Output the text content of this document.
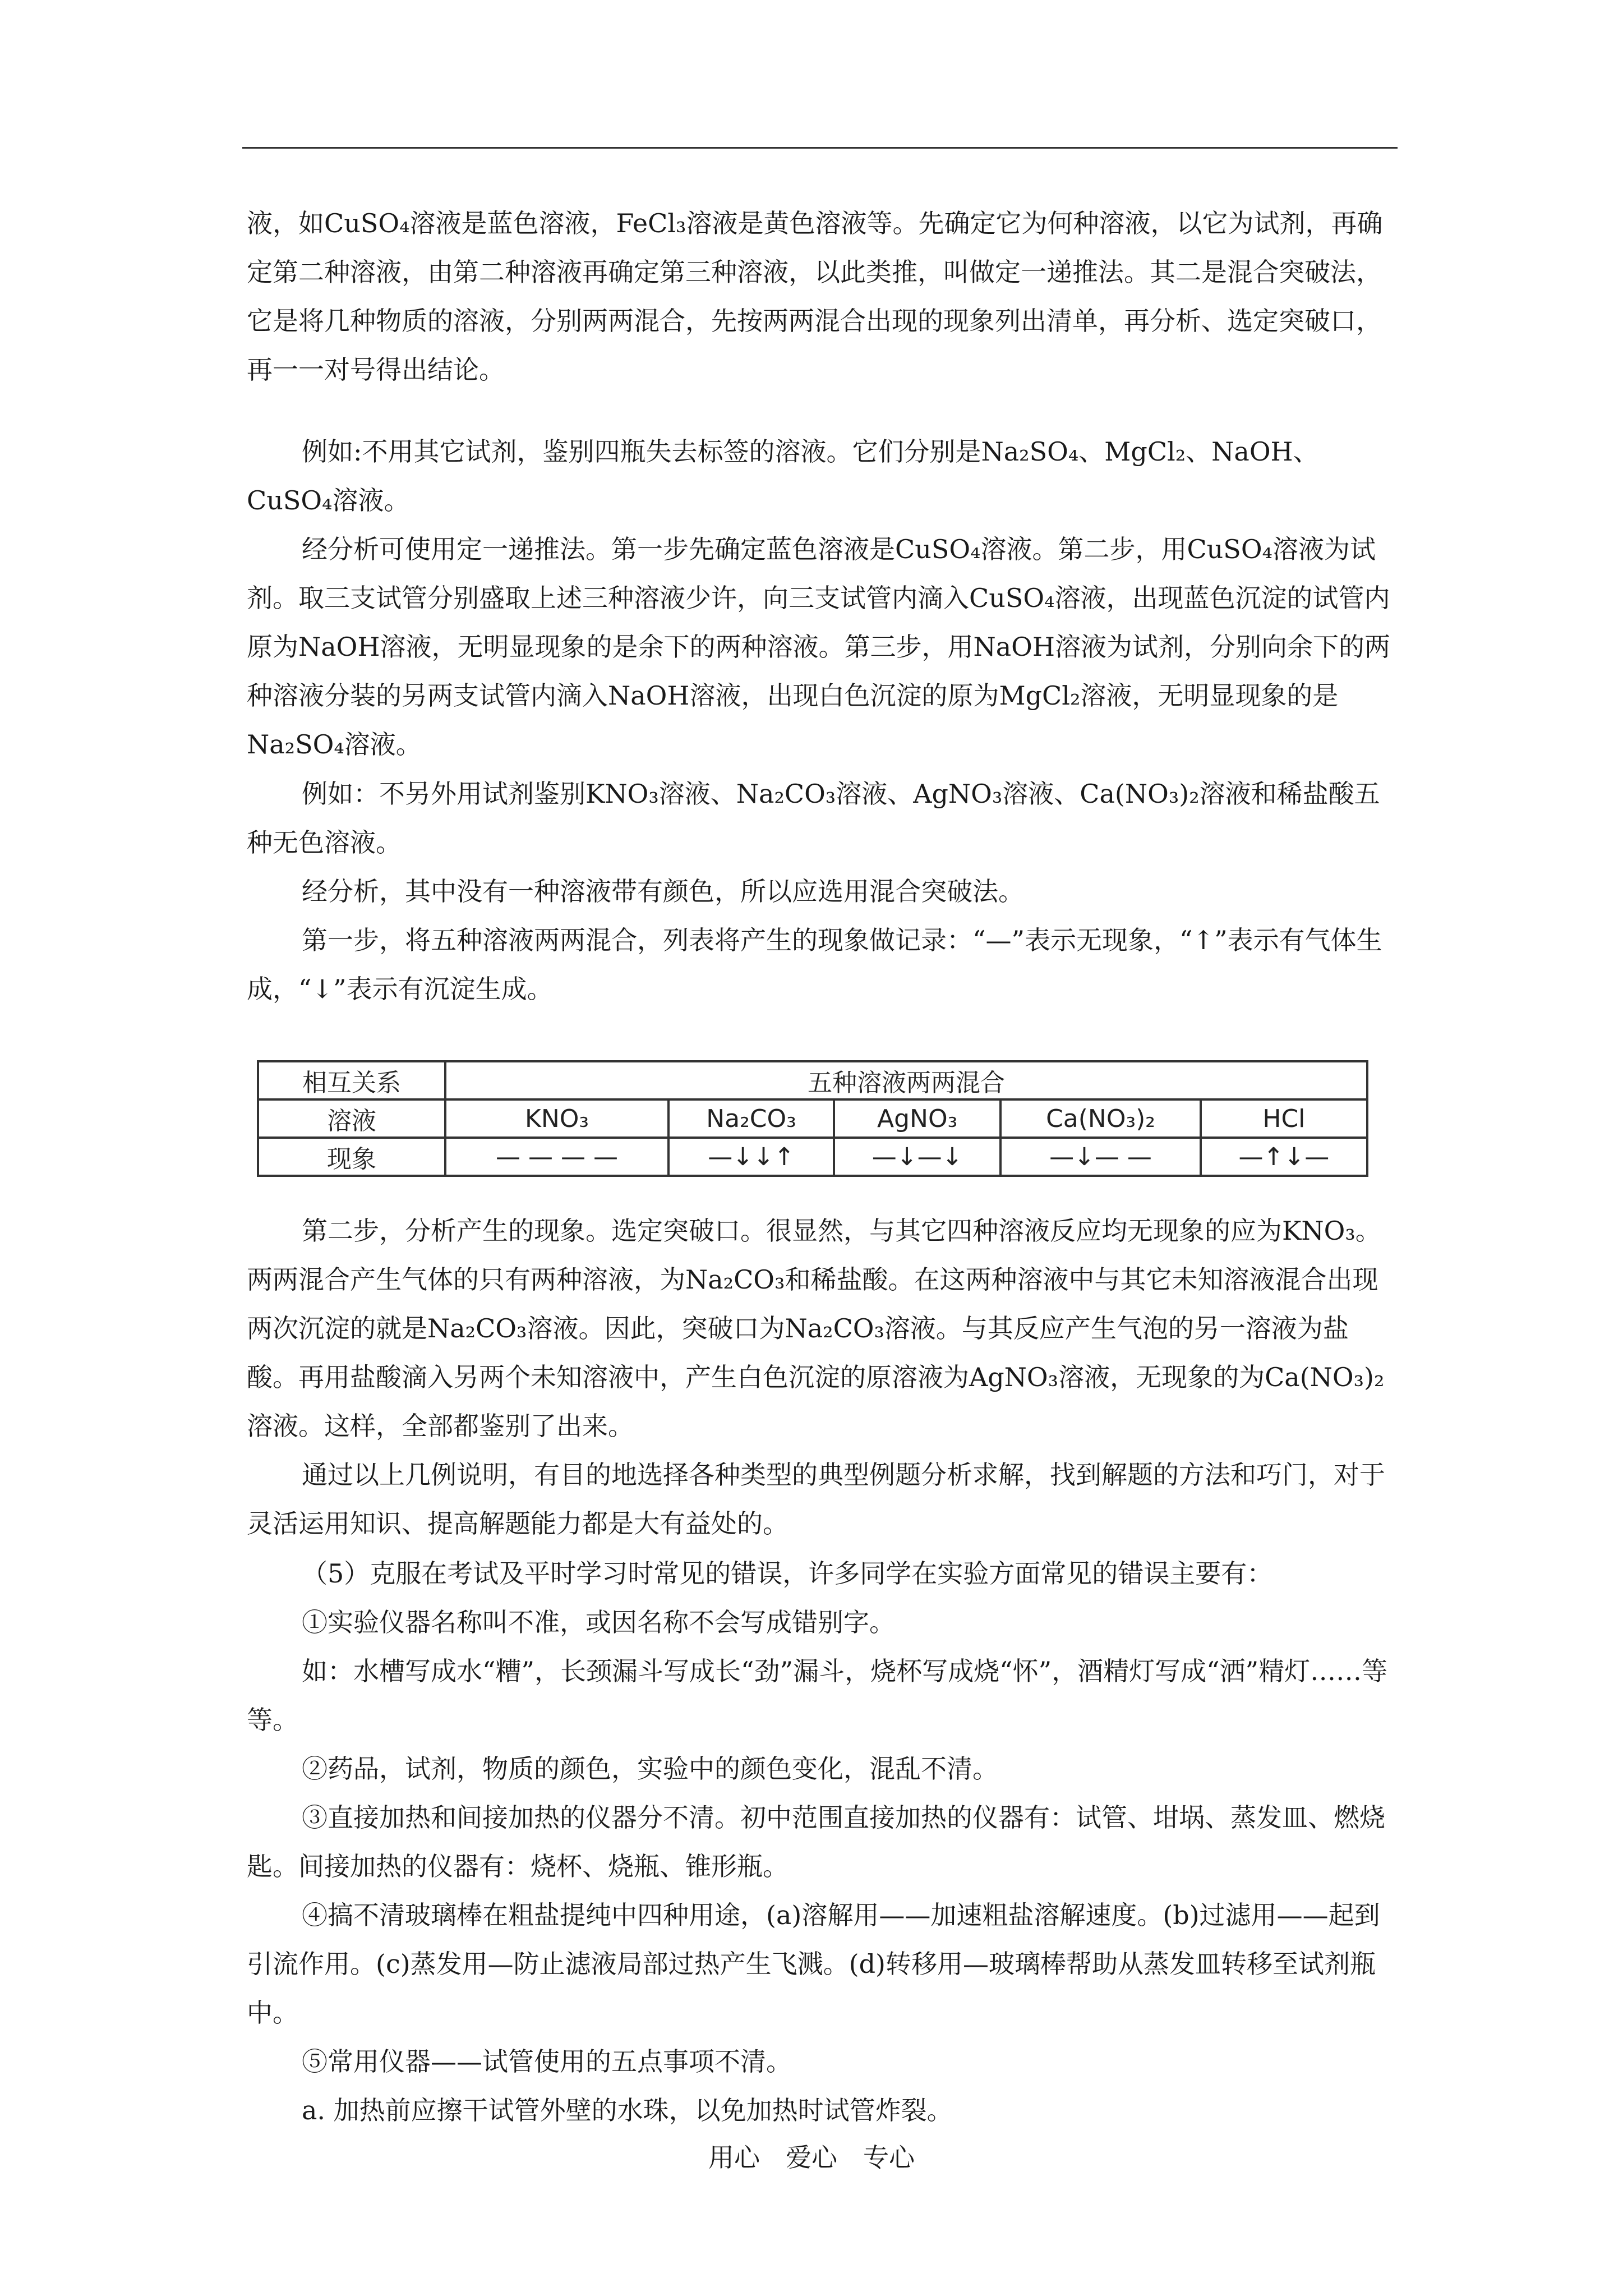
液，如CuSO₄溶液是蓝色溶液，FeCl₃溶液是黄色溶液等。先确定它为何种溶液，以它为试剂，再确定第二种溶液，由第二种溶液再确定第三种溶液，以此类推，叫做定一递推法。其二是混合突破法，它是将几种物质的溶液，分别两两混合，先按两两混合出现的现象列出清单，再分析、选定突破口，再一一对号得出结论。

例如:不用其它试剂，鉴别四瓶失去标签的溶液。它们分别是Na₂SO₄、MgCl₂、NaOH、CuSO₄溶液。

经分析可使用定一递推法。第一步先确定蓝色溶液是CuSO₄溶液。第二步，用CuSO₄溶液为试剂。取三支试管分别盛取上述三种溶液少许，向三支试管内滴入CuSO₄溶液，出现蓝色沉淀的试管内原为NaOH溶液，无明显现象的是余下的两种溶液。第三步，用NaOH溶液为试剂，分别向余下的两种溶液分装的另两支试管内滴入NaOH溶液，出现白色沉淀的原为MgCl₂溶液，无明显现象的是Na₂SO₄溶液。

例如：不另外用试剂鉴别KNO₃溶液、Na₂CO₃溶液、AgNO₃溶液、Ca(NO₃)₂溶液和稀盐酸五种无色溶液。

经分析，其中没有一种溶液带有颜色，所以应选用混合突破法。

第一步，将五种溶液两两混合，列表将产生的现象做记录：“—”表示无现象，“↑”表示有气体生成，“↓”表示有沉淀生成。

相互关系	五种溶液两两混合				
溶液	KNO₃	Na₂CO₃	AgNO₃	Ca(NO₃)₂	HCl
现象	— — — —	—↓↓↑	—↓—↓	—↓— —	—↑↓—

第二步，分析产生的现象。选定突破口。很显然，与其它四种溶液反应均无现象的应为KNO₃。两两混合产生气体的只有两种溶液，为Na₂CO₃和稀盐酸。在这两种溶液中与其它未知溶液混合出现两次沉淀的就是Na₂CO₃溶液。因此，突破口为Na₂CO₃溶液。与其反应产生气泡的另一溶液为盐酸。再用盐酸滴入另两个未知溶液中，产生白色沉淀的原溶液为AgNO₃溶液，无现象的为Ca(NO₃)₂溶液。这样，全部都鉴别了出来。

通过以上几例说明，有目的地选择各种类型的典型例题分析求解，找到解题的方法和巧门，对于灵活运用知识、提高解题能力都是大有益处的。

（5）克服在考试及平时学习时常见的错误，许多同学在实验方面常见的错误主要有：

①实验仪器名称叫不准，或因名称不会写成错别字。

如：水槽写成水“糟”，长颈漏斗写成长“劲”漏斗，烧杯写成烧“怀”，酒精灯写成“洒”精灯……等等。

②药品，试剂，物质的颜色，实验中的颜色变化，混乱不清。

③直接加热和间接加热的仪器分不清。初中范围直接加热的仪器有：试管、坩埚、蒸发皿、燃烧匙。间接加热的仪器有：烧杯、烧瓶、锥形瓶。

④搞不清玻璃棒在粗盐提纯中四种用途，(a)溶解用——加速粗盐溶解速度。(b)过滤用——起到引流作用。(c)蒸发用—防止滤液局部过热产生飞溅。(d)转移用—玻璃棒帮助从蒸发皿转移至试剂瓶中。

⑤常用仪器——试管使用的五点事项不清。

a. 加热前应擦干试管外壁的水珠，以免加热时试管炸裂。

用心　爱心　专心
